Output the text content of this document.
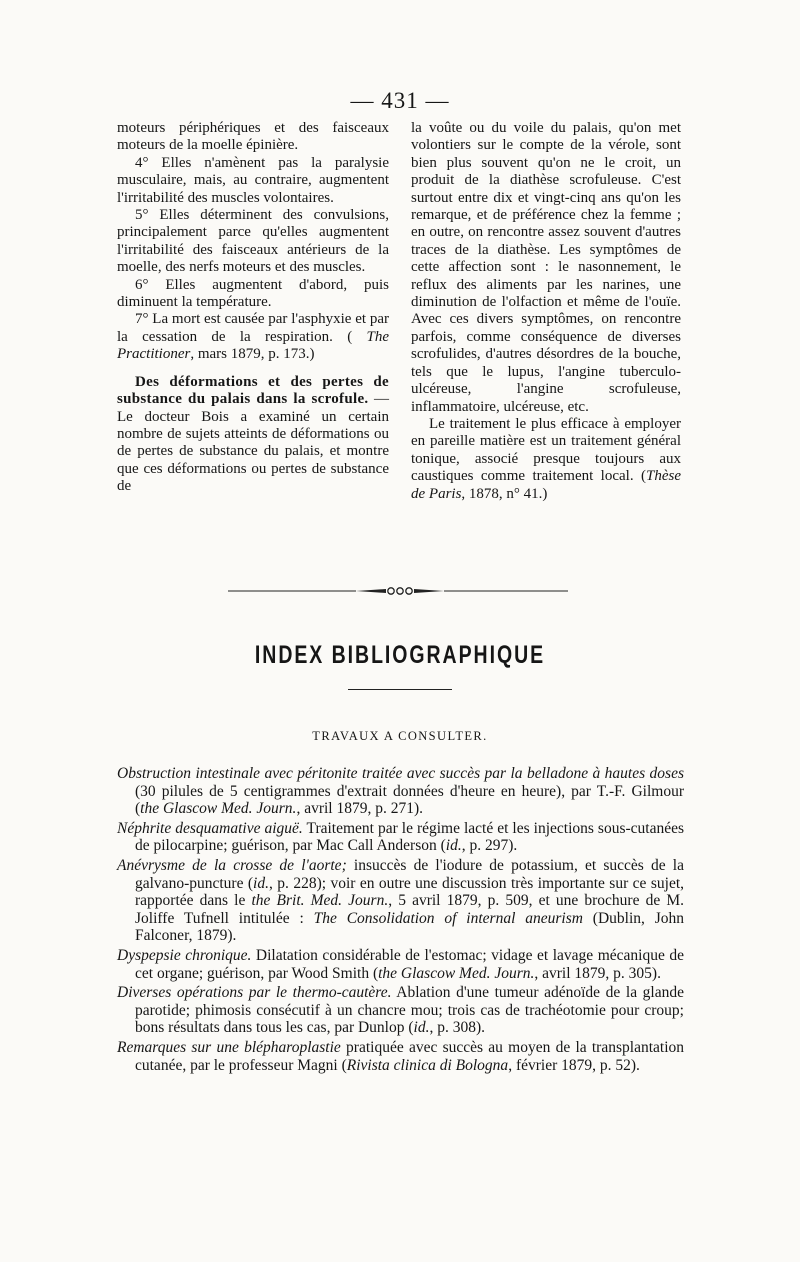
— 431 —

moteurs périphériques et des faisceaux moteurs de la moelle épinière.

4° Elles n'amènent pas la paralysie musculaire, mais, au contraire, augmentent l'irritabilité des muscles volontaires.

5° Elles déterminent des convulsions, principalement parce qu'elles augmentent l'irritabilité des faisceaux antérieurs de la moelle, des nerfs moteurs et des muscles.

6° Elles augmentent d'abord, puis diminuent la température.

7° La mort est causée par l'asphyxie et par la cessation de la respiration. ( The Practitioner, mars 1879, p. 173.)

Des déformations et des pertes de substance du palais dans la scrofule. — Le docteur Bois a examiné un certain nombre de sujets atteints de déformations ou de pertes de substance du palais, et montre que ces déformations ou pertes de substance de

la voûte ou du voile du palais, qu'on met volontiers sur le compte de la vérole, sont bien plus souvent qu'on ne le croit, un produit de la diathèse scrofuleuse. C'est surtout entre dix et vingt-cinq ans qu'on les remarque, et de préférence chez la femme ; en outre, on rencontre assez souvent d'autres traces de la diathèse. Les symptômes de cette affection sont : le nasonnement, le reflux des aliments par les narines, une diminution de l'olfaction et même de l'ouïe. Avec ces divers symptômes, on rencontre parfois, comme conséquence de diverses scrofulides, d'autres désordres de la bouche, tels que le lupus, l'angine tuberculo-ulcéreuse, l'angine scrofuleuse, inflammatoire, ulcéreuse, etc.

Le traitement le plus efficace à employer en pareille matière est un traitement général tonique, associé presque toujours aux caustiques comme traitement local. (Thèse de Paris, 1878, n° 41.)

INDEX BIBLIOGRAPHIQUE
TRAVAUX A CONSULTER.

Obstruction intestinale avec péritonite traitée avec succès par la belladone à hautes doses (30 pilules de 5 centigrammes d'extrait données d'heure en heure), par T.-F. Gilmour (the Glascow Med. Journ., avril 1879, p. 271).

Néphrite desquamative aiguë. Traitement par le régime lacté et les injections sous-cutanées de pilocarpine; guérison, par Mac Call Anderson (id., p. 297).

Anévrysme de la crosse de l'aorte; insuccès de l'iodure de potassium, et succès de la galvano-puncture (id., p. 228); voir en outre une discussion très importante sur ce sujet, rapportée dans le the Brit. Med. Journ., 5 avril 1879, p. 509, et une brochure de M. Joliffe Tufnell intitulée : The Consolidation of internal aneurism (Dublin, John Falconer, 1879).

Dyspepsie chronique. Dilatation considérable de l'estomac; vidage et lavage mécanique de cet organe; guérison, par Wood Smith (the Glascow Med. Journ., avril 1879, p. 305).

Diverses opérations par le thermo-cautère. Ablation d'une tumeur adénoïde de la glande parotide; phimosis consécutif à un chancre mou; trois cas de trachéotomie pour croup; bons résultats dans tous les cas, par Dunlop (id., p. 308).

Remarques sur une blépharoplastie pratiquée avec succès au moyen de la transplantation cutanée, par le professeur Magni (Rivista clinica di Bologna, février 1879, p. 52).
